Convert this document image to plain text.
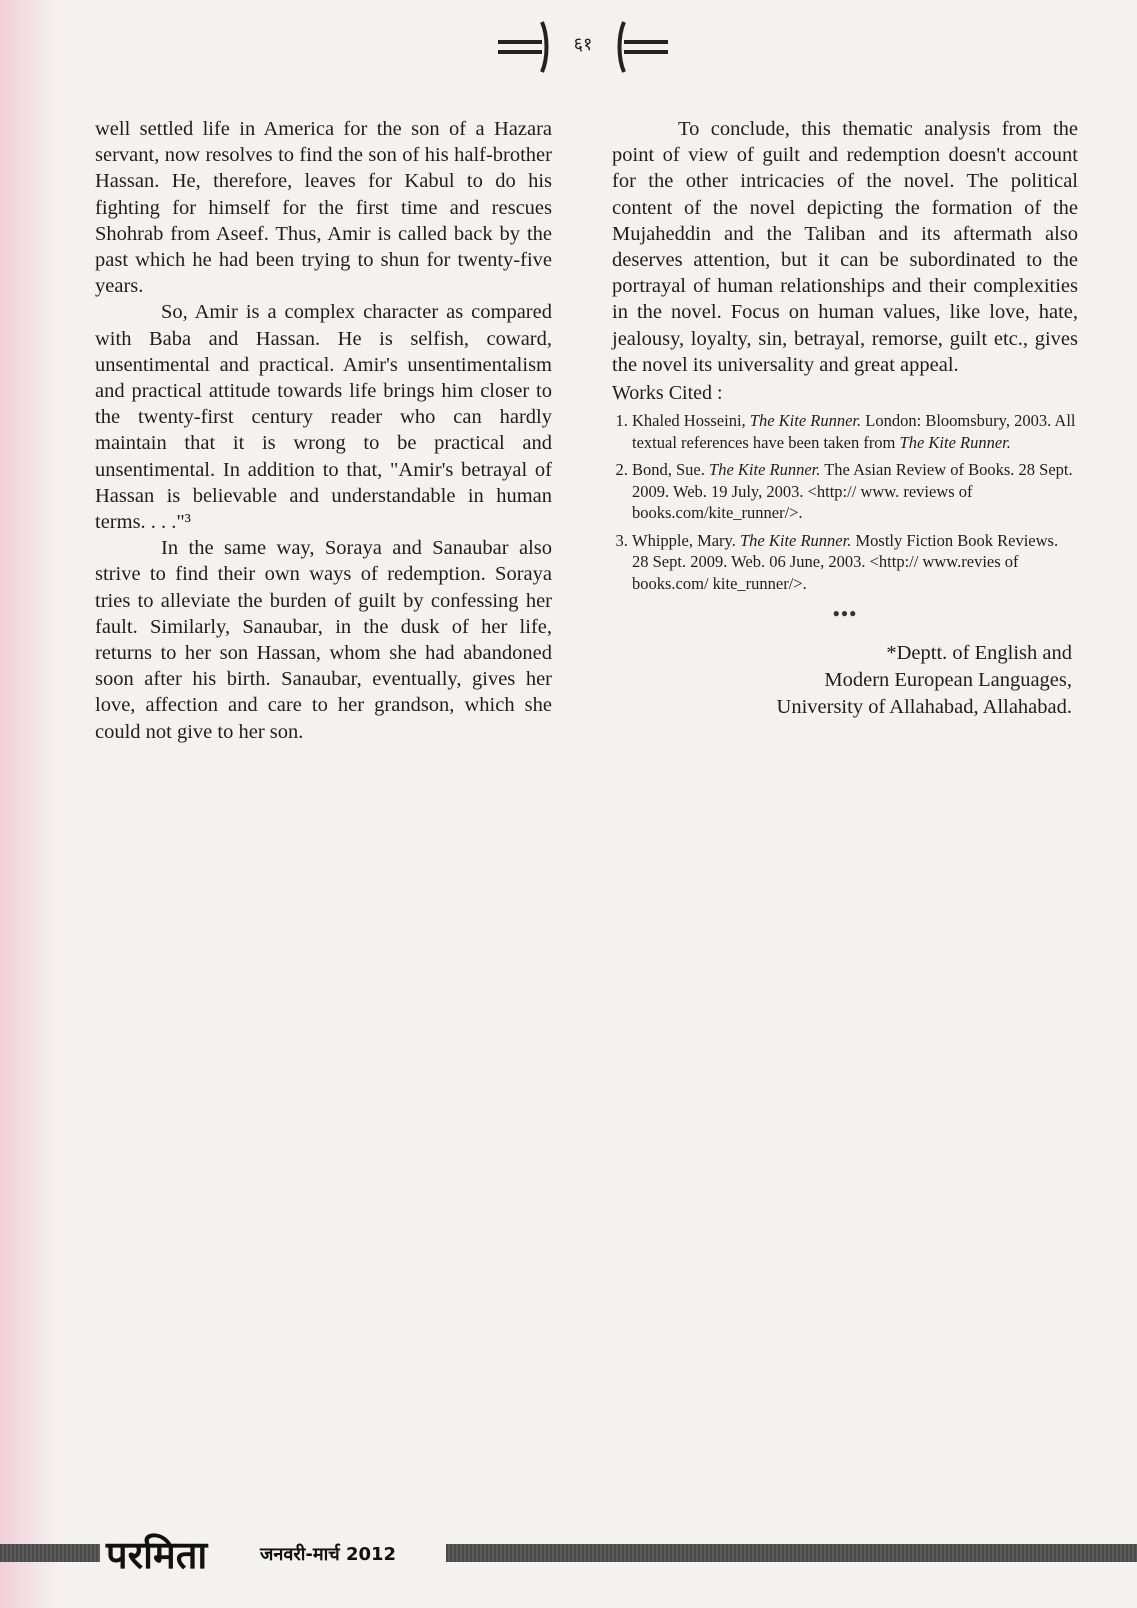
६१

well settled life in America for the son of a Hazara servant, now resolves to find the son of his half-brother Hassan. He, therefore, leaves for Kabul to do his fighting for himself for the first time and rescues Shohrab from Aseef. Thus, Amir is called back by the past which he had been trying to shun for twenty-five years.

So, Amir is a complex character as compared with Baba and Hassan. He is selfish, coward, unsentimental and practical. Amir's unsentimentalism and practical attitude towards life brings him closer to the twenty-first century reader who can hardly maintain that it is wrong to be practical and unsentimental. In addition to that, "Amir's betrayal of Hassan is believable and understandable in human terms. . . ."³

In the same way, Soraya and Sanaubar also strive to find their own ways of redemption. Soraya tries to alleviate the burden of guilt by confessing her fault. Similarly, Sanaubar, in the dusk of her life, returns to her son Hassan, whom she had abandoned soon after his birth. Sanaubar, eventually, gives her love, affection and care to her grandson, which she could not give to her son.

To conclude, this thematic analysis from the point of view of guilt and redemption doesn't account for the other intricacies of the novel. The political content of the novel depicting the formation of the Mujaheddin and the Taliban and its aftermath also deserves attention, but it can be subordinated to the portrayal of human relationships and their complexities in the novel. Focus on human values, like love, hate, jealousy, loyalty, sin, betrayal, remorse, guilt etc., gives the novel its universality and great appeal.

Works Cited :
1. Khaled Hosseini, The Kite Runner. London: Bloomsbury, 2003. All textual references have been taken from The Kite Runner.
2. Bond, Sue. The Kite Runner. The Asian Review of Books. 28 Sept. 2009. Web. 19 July, 2003. <http:// www. reviews of books.com/kite_runner/>.
3. Whipple, Mary. The Kite Runner. Mostly Fiction Book Reviews. 28 Sept. 2009. Web. 06 June, 2003. <http:// www.revies of books.com/ kite_runner/>.
●●●
*Deptt. of English and
Modern European Languages,
University of Allahabad, Allahabad.
परमिता	जनवरी-मार्च 2012
